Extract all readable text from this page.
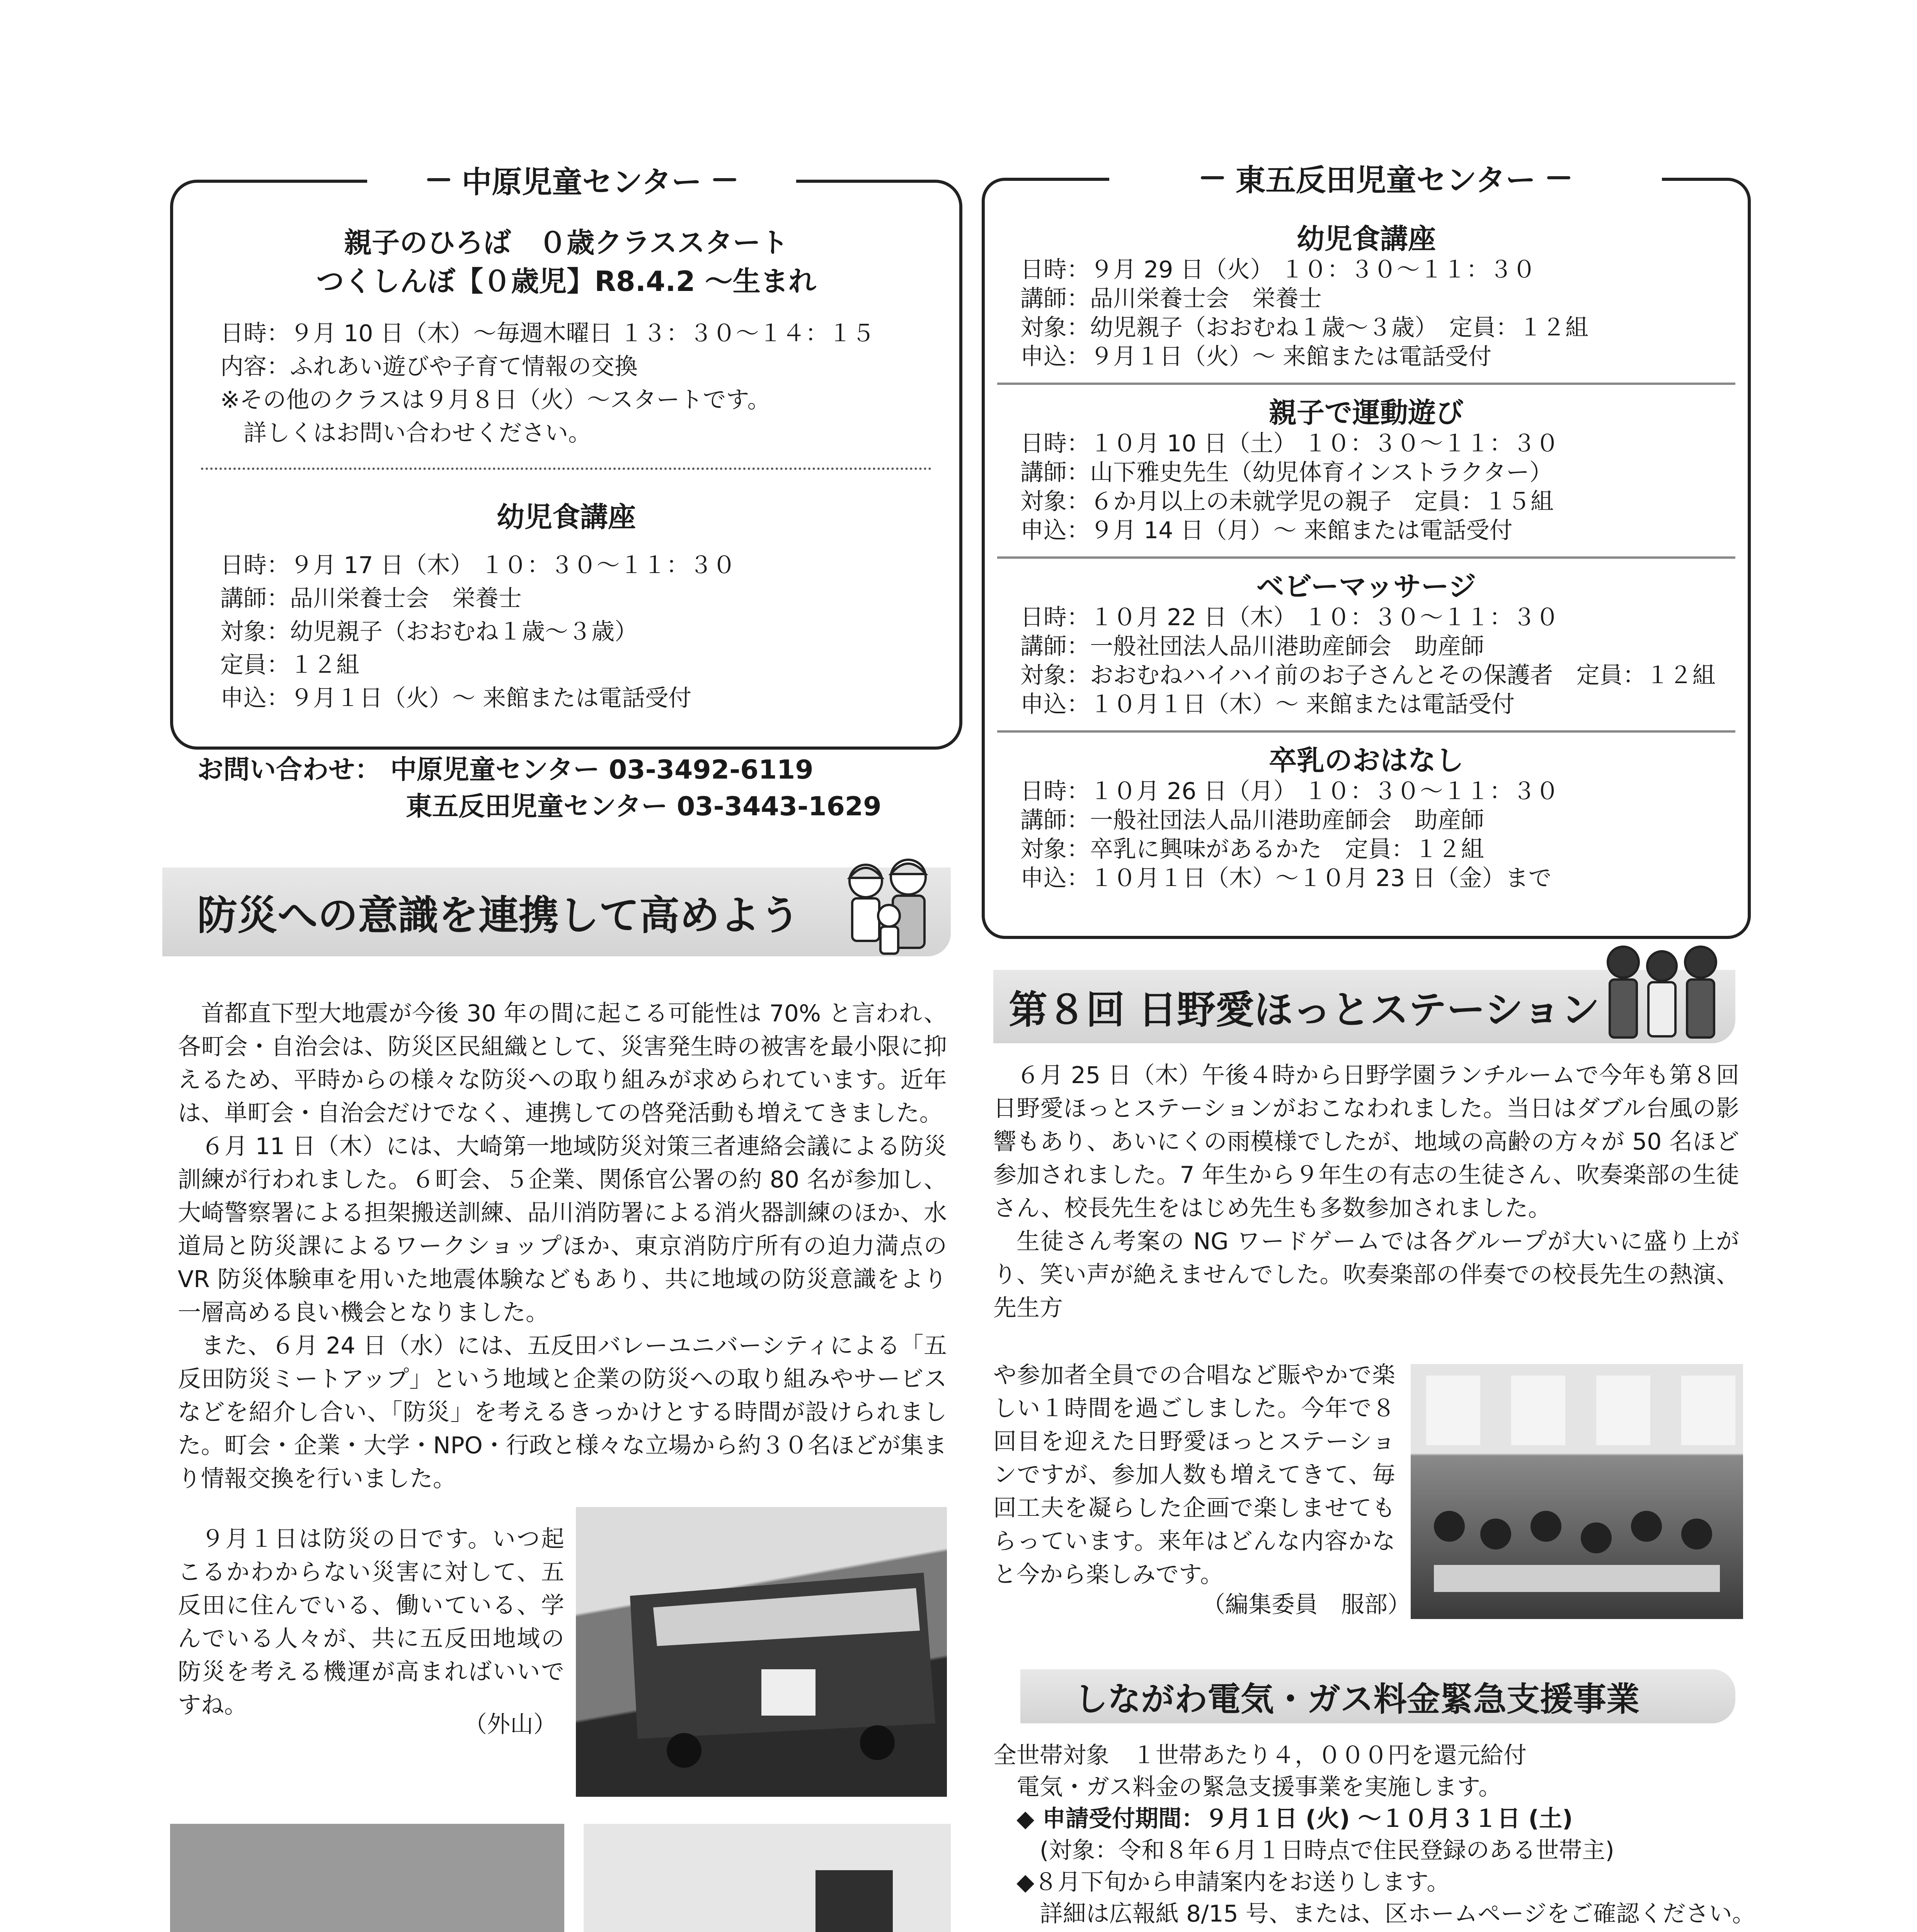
中原児童センター
親子のひろば　０歳クラススタート
つくしんぼ【０歳児】R8.4.2 〜生まれ
日時：９月 10 日（木）〜毎週木曜日 １３：３０〜１４：１５
内容：ふれあい遊びや子育て情報の交換
※その他のクラスは９月８日（火）〜スタートです。
　詳しくはお問い合わせください。
幼児食講座
日時：９月 17 日（木） １０：３０〜１１：３０
講師：品川栄養士会　栄養士
対象：幼児親子（おおむね１歳〜３歳）
定員：１２組
申込：９月１日（火）〜 来館または電話受付
お問い合わせ： 中原児童センター 03-3492-6119
東五反田児童センター 03-3443-1629
東五反田児童センター
幼児食講座
日時：９月 29 日（火） １０：３０〜１１：３０
講師：品川栄養士会　栄養士
対象：幼児親子（おおむね１歳〜３歳）　定員：１２組
申込：９月１日（火）〜 来館または電話受付
親子で運動遊び
日時：１０月 10 日（土） １０：３０〜１１：３０
講師：山下雅史先生（幼児体育インストラクター）
対象：６か月以上の未就学児の親子　定員：１５組
申込：９月 14 日（月）〜 来館または電話受付
ベビーマッサージ
日時：１０月 22 日（木） １０：３０〜１１：３０
講師：一般社団法人品川港助産師会　助産師
対象：おおむねハイハイ前のお子さんとその保護者　定員：１２組
申込：１０月１日（木）〜 来館または電話受付
卒乳のおはなし
日時：１０月 26 日（月） １０：３０〜１１：３０
講師：一般社団法人品川港助産師会　助産師
対象：卒乳に興味があるかた　定員：１２組
申込：１０月１日（木）〜１０月 23 日（金）まで
防災への意識を連携して高めよう

首都直下型大地震が今後 30 年の間に起こる可能性は 70% と言われ、各町会・自治会は、防災区民組織として、災害発生時の被害を最小限に抑えるため、平時からの様々な防災への取り組みが求められています。近年は、単町会・自治会だけでなく、連携しての啓発活動も増えてきました。

６月 11 日（木）には、大崎第一地域防災対策三者連絡会議による防災訓練が行われました。６町会、５企業、関係官公署の約 80 名が参加し、大崎警察署による担架搬送訓練、品川消防署による消火器訓練のほか、水道局と防災課によるワークショップほか、東京消防庁所有の迫力満点の VR 防災体験車を用いた地震体験などもあり、共に地域の防災意識をより一層高める良い機会となりました。

また、６月 24 日（水）には、五反田バレーユニバーシティによる「五反田防災ミートアップ」という地域と企業の防災への取り組みやサービスなどを紹介し合い、「防災」を考えるきっかけとする時間が設けられました。町会・企業・大学・NPO・行政と様々な立場から約３０名ほどが集まり情報交換を行いました。

９月１日は防災の日です。いつ起こるかわからない災害に対して、五反田に住んでいる、働いている、学んでいる人々が、共に五反田地域の防災を考える機運が高まればいいですね。

（外山）
第８回 日野愛ほっとステーション

６月 25 日（木）午後４時から日野学園ランチルームで今年も第８回日野愛ほっとステーションがおこなわれました。当日はダブル台風の影響もあり、あいにくの雨模様でしたが、地域の高齢の方々が 50 名ほど参加されました。7 年生から９年生の有志の生徒さん、吹奏楽部の生徒さん、校長先生をはじめ先生も多数参加されました。

生徒さん考案の NG ワードゲームでは各グループが大いに盛り上がり、笑い声が絶えませんでした。吹奏楽部の伴奏での校長先生の熱演、先生方

や参加者全員での合唱など賑やかで楽しい１時間を過ごしました。今年で８回目を迎えた日野愛ほっとステーションですが、参加人数も増えてきて、毎回工夫を凝らした企画で楽しませてもらっています。来年はどんな内容かなと今から楽しみです。

（編集委員　服部）
しながわ電気・ガス料金緊急支援事業
全世帯対象　１世帯あたり４，０００円を還元給付
　電気・ガス料金の緊急支援事業を実施します。
　◆ 申請受付期間：９月１日 (火) 〜１０月３１日 (土)
　　(対象：令和８年６月１日時点で住民登録のある世帯主)
　◆８月下旬から申請案内をお送りします。
　　詳細は広報紙 8/15 号、または、区ホームページをご確認ください。
